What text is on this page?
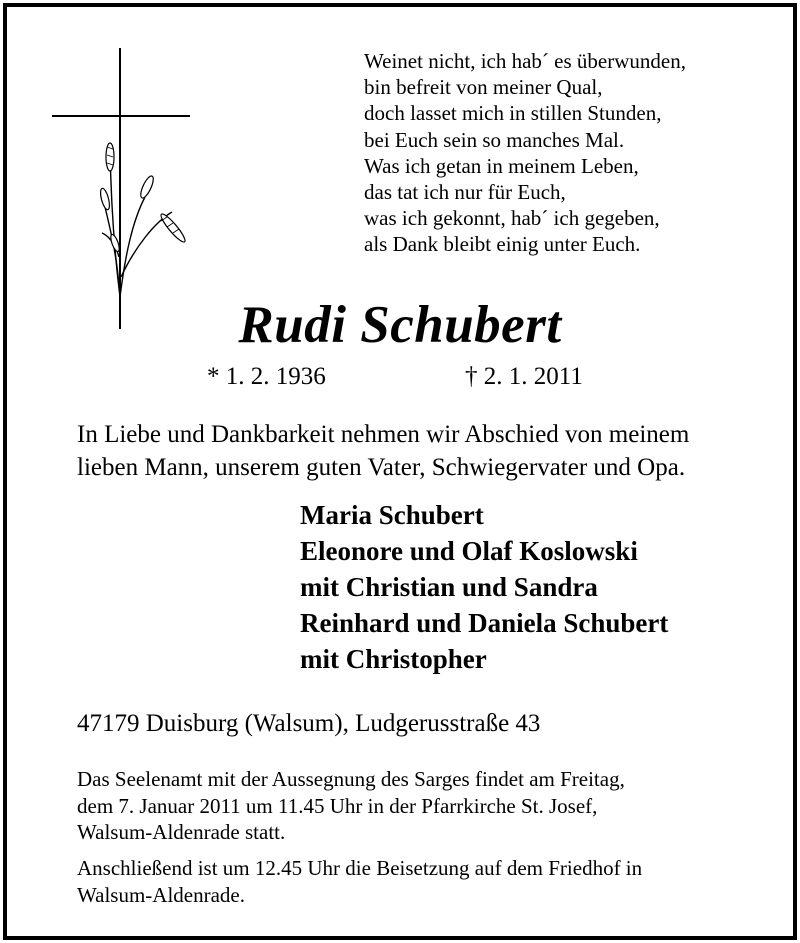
Weinet nicht, ich hab´ es überwunden,
bin befreit von meiner Qual,
doch lasset mich in stillen Stunden,
bei Euch sein so manches Mal.
Was ich getan in meinem Leben,
das tat ich nur für Euch,
was ich gekonnt, hab´ ich gegeben,
als Dank bleibt einig unter Euch.
Rudi Schubert
* 1. 2. 1936	† 2. 1. 2011
In Liebe und Dankbarkeit nehmen wir Abschied von meinem
lieben Mann, unserem guten Vater, Schwiegervater und Opa.
Maria Schubert
Eleonore und Olaf Koslowski
mit Christian und Sandra
Reinhard und Daniela Schubert
mit Christopher
47179 Duisburg (Walsum), Ludgerusstraße 43
Das Seelenamt mit der Aussegnung des Sarges findet am Freitag,
dem 7. Januar 2011 um 11.45 Uhr in der Pfarrkirche St. Josef,
Walsum-Aldenrade statt.
Anschließend ist um 12.45 Uhr die Beisetzung auf dem Friedhof in
Walsum-Aldenrade.
